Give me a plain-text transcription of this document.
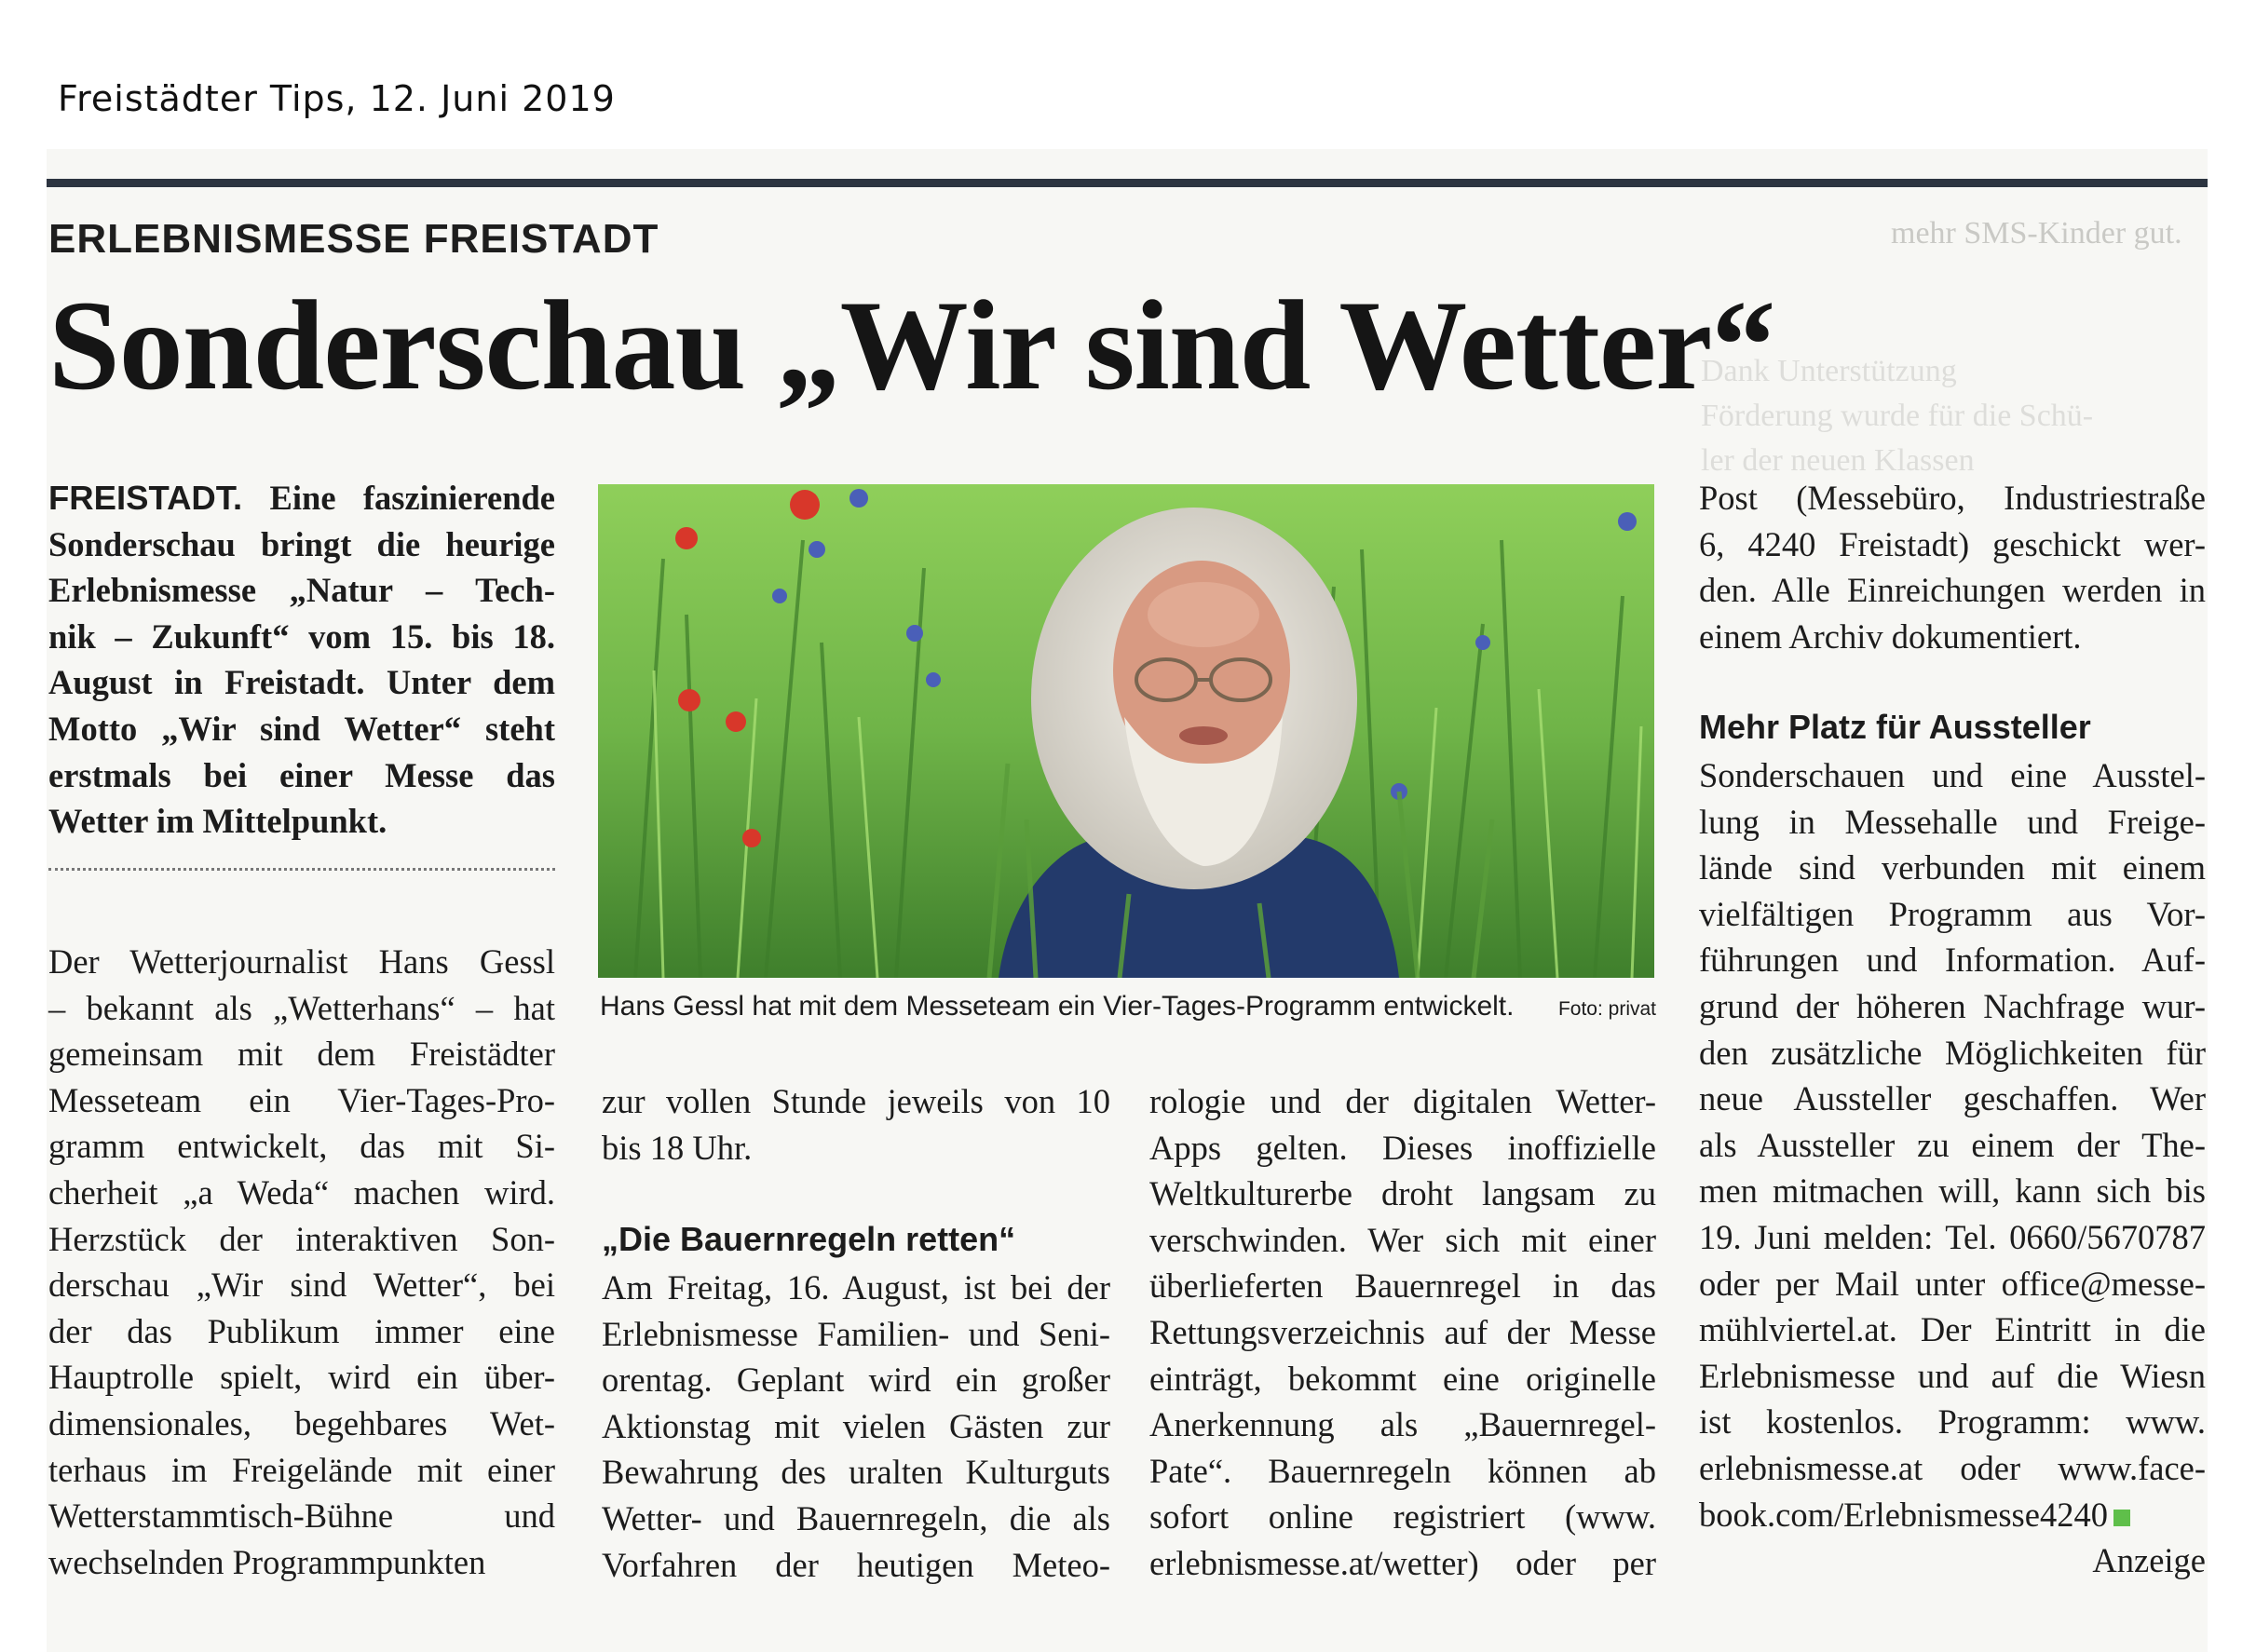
Freistädter Tips, 12. Juni 2019
mehr SMS-Kinder gut.
Dank Unterstützung
Förderung wurde für die Schü-
ler der neuen Klassen
ERLEBNISMESSE FREISTADT
Sonderschau „Wir sind Wetter“
FREISTADT. Eine faszinierende
Sonderschau bringt die heurige
Erlebnismesse „Natur – Tech-
nik – Zukunft“ vom 15. bis 18.
August in Freistadt. Unter dem
Motto „Wir sind Wetter“ steht
erstmals bei einer Messe das
Wetter im Mittelpunkt.
Der Wetterjournalist Hans Gessl
– bekannt als „Wetterhans“ – hat
gemeinsam mit dem Freistädter
Messeteam ein Vier-Tages-Pro-
gramm entwickelt, das mit Si-
cherheit „a Weda“ machen wird.
Herzstück der interaktiven Son-
derschau „Wir sind Wetter“, bei
der das Publikum immer eine
Hauptrolle spielt, wird ein über-
dimensionales, begehbares Wet-
terhaus im Freigelände mit einer
Wetterstammtisch-Bühne und
wechselnden Programmpunkten
Hans Gessl hat mit dem Messeteam ein Vier-Tages-Programm entwickelt. Foto: privat
zur vollen Stunde jeweils von 10
bis 18 Uhr.
„Die Bauernregeln retten“
Am Freitag, 16. August, ist bei der
Erlebnismesse Familien- und Seni-
orentag. Geplant wird ein großer
Aktionstag mit vielen Gästen zur
Bewahrung des uralten Kulturguts
Wetter- und Bauernregeln, die als
Vorfahren der heutigen Meteo-
rologie und der digitalen Wetter-
Apps gelten. Dieses inoffizielle
Weltkulturerbe droht langsam zu
verschwinden. Wer sich mit einer
überlieferten Bauernregel in das
Rettungsverzeichnis auf der Messe
einträgt, bekommt eine originelle
Anerkennung als „Bauernregel-
Pate“. Bauernregeln können ab
sofort online registriert (www.
erlebnismesse.at/wetter) oder per
Post (Messebüro, Industriestraße
6, 4240 Freistadt) geschickt wer-
den. Alle Einreichungen werden in
einem Archiv dokumentiert.
Mehr Platz für Aussteller
Sonderschauen und eine Ausstel-
lung in Messehalle und Freige-
lände sind verbunden mit einem
vielfältigen Programm aus Vor-
führungen und Information. Auf-
grund der höheren Nachfrage wur-
den zusätzliche Möglichkeiten für
neue Aussteller geschaffen. Wer
als Aussteller zu einem der The-
men mitmachen will, kann sich bis
19. Juni melden: Tel. 0660/5670787
oder per Mail unter office@messe-
mühlviertel.at. Der Eintritt in die
Erlebnismesse und auf die Wiesn
ist kostenlos. Programm: www.
erlebnismesse.at oder www.face-
book.com/Erlebnismesse4240
Anzeige
